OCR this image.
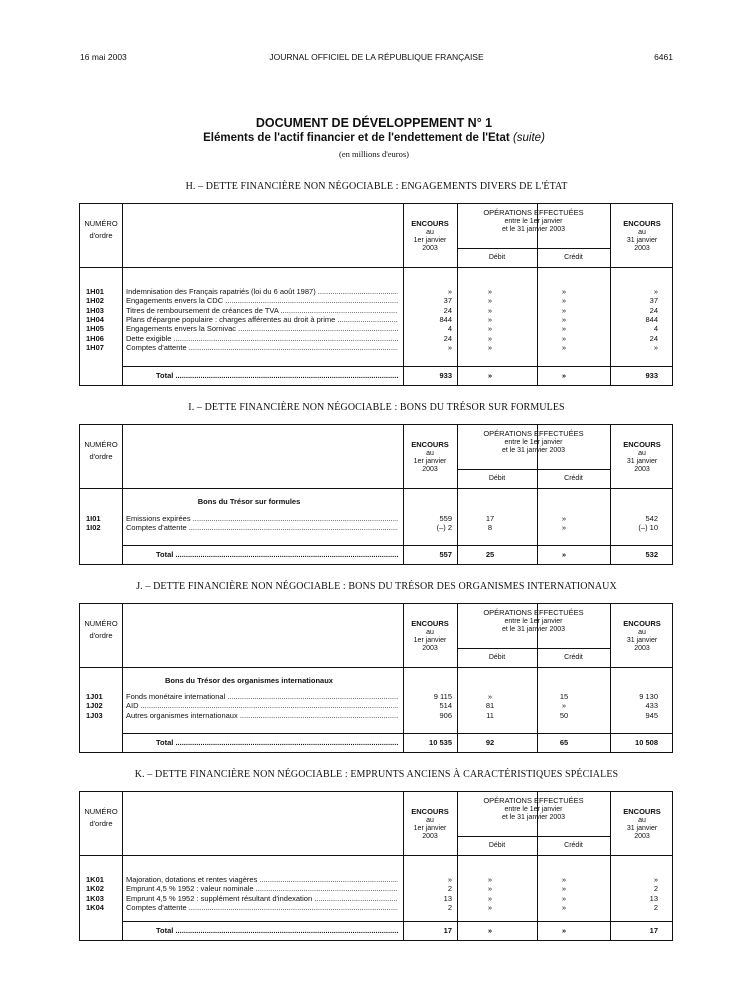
16 mai 2003	JOURNAL OFFICIEL DE LA RÉPUBLIQUE FRANÇAISE	6461
DOCUMENT DE DÉVELOPPEMENT N° 1
Eléments de l'actif financier et de l'endettement de l'Etat (suite)
(en millions d'euros)
H. – DETTE FINANCIÈRE NON NÉGOCIABLE : ENGAGEMENTS DIVERS DE L'ÉTAT
NUMÉRO
d'ordre
ENCOURS
au
1er janvier
2003
OPÉRATIONS EFFECTUÉES
entre le 1er janvier
et le 31 janvier 2003
Débit	Crédit
ENCOURS
au
31 janvier
2003
1H01	Indemnisation des Français rapatriés (loi du 6 août 1987) .....	»	»	»	»
1H02	Engagements envers la CDC .....	37	»	»	37
1H03	Titres de remboursement de créances de TVA .....	24	»	»	24
1H04	Plans d'épargne populaire : charges afférentes au droit à prime .....	844	»	»	844
1H05	Engagements envers la Sornivac .....	4	»	»	4
1H06	Dette exigible .....	24	»	»	24
1H07	Comptes d'attente .....	»	»	»	»
Total .....	933	»	»	933
I. – DETTE FINANCIÈRE NON NÉGOCIABLE : BONS DU TRÉSOR SUR FORMULES
NUMÉRO
d'ordre
ENCOURS
au
1er janvier
2003
OPÉRATIONS EFFECTUÉES
entre le 1er janvier
et le 31 janvier 2003
Débit	Crédit
ENCOURS
au
31 janvier
2003
Bons du Trésor sur formules
1I01	Emissions expirées .....	559	17	»	542
1I02	Comptes d'attente .....	(–) 2	8	»	(–) 10
Total .....	557	25	»	532
J. – DETTE FINANCIÈRE NON NÉGOCIABLE : BONS DU TRÉSOR DES ORGANISMES INTERNATIONAUX
NUMÉRO
d'ordre
ENCOURS
au
1er janvier
2003
OPÉRATIONS EFFECTUÉES
entre le 1er janvier
et le 31 janvier 2003
Débit	Crédit
ENCOURS
au
31 janvier
2003
Bons du Trésor des organismes internationaux
1J01	Fonds monétaire international .....	9 115	»	15	9 130
1J02	AID .....	514	81	»	433
1J03	Autres organismes internationaux .....	906	11	50	945
Total .....	10 535	92	65	10 508
K. – DETTE FINANCIÈRE NON NÉGOCIABLE : EMPRUNTS ANCIENS À CARACTÉRISTIQUES SPÉCIALES
NUMÉRO
d'ordre
ENCOURS
au
1er janvier
2003
OPÉRATIONS EFFECTUÉES
entre le 1er janvier
et le 31 janvier 2003
Débit	Crédit
ENCOURS
au
31 janvier
2003
1K01	Majoration, dotations et rentes viagères .....	»	»	»	»
1K02	Emprunt 4,5 % 1952 : valeur nominale .....	2	»	»	2
1K03	Emprunt 4,5 % 1952 : supplément résultant d'indexation .....	13	»	»	13
1K04	Comptes d'attente .....	2	»	»	2
Total .....	17	»	»	17
